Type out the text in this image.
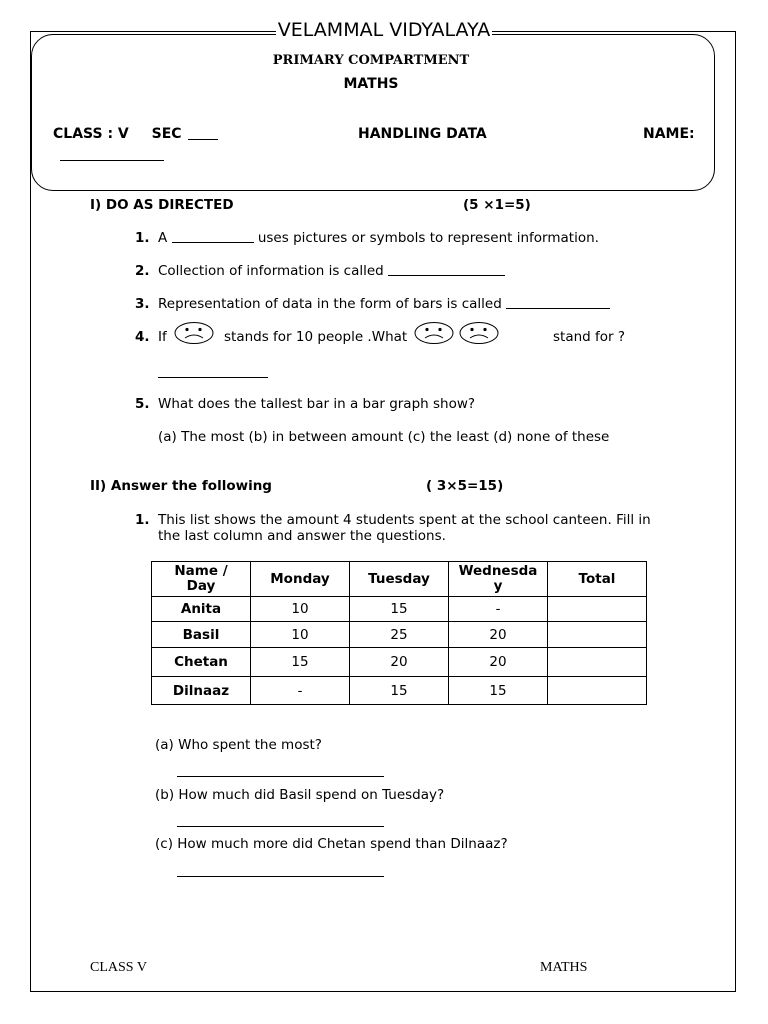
VELAMMAL VIDYALAYA
PRIMARY COMPARTMENT
MATHS
CLASS : V SEC	HANDLING DATA	NAME:
I) DO AS DIRECTED	(5 ×1=5)
1. A	uses pictures or symbols to represent information.
2. Collection of information is called
3. Representation of data in the form of bars is called
4. If	stands for 10 people .What	stand for ?
5. What does the tallest bar in a bar graph show?
(a) The most (b) in between amount (c) the least (d) none of these
II) Answer the following	( 3×5=15)
1. This list shows the amount 4 students spent at the school canteen. Fill in
the last column and answer the questions.
Name /
Day	Monday	Tuesday	Wednesda
y	Total
Anita	10	15	-	
Basil	10	25	20	
Chetan	15	20	20	
Dilnaaz	-	15	15	
(a) Who spent the most?
(b) How much did Basil spend on Tuesday?
(c) How much more did Chetan spend than Dilnaaz?
CLASS V	MATHS
